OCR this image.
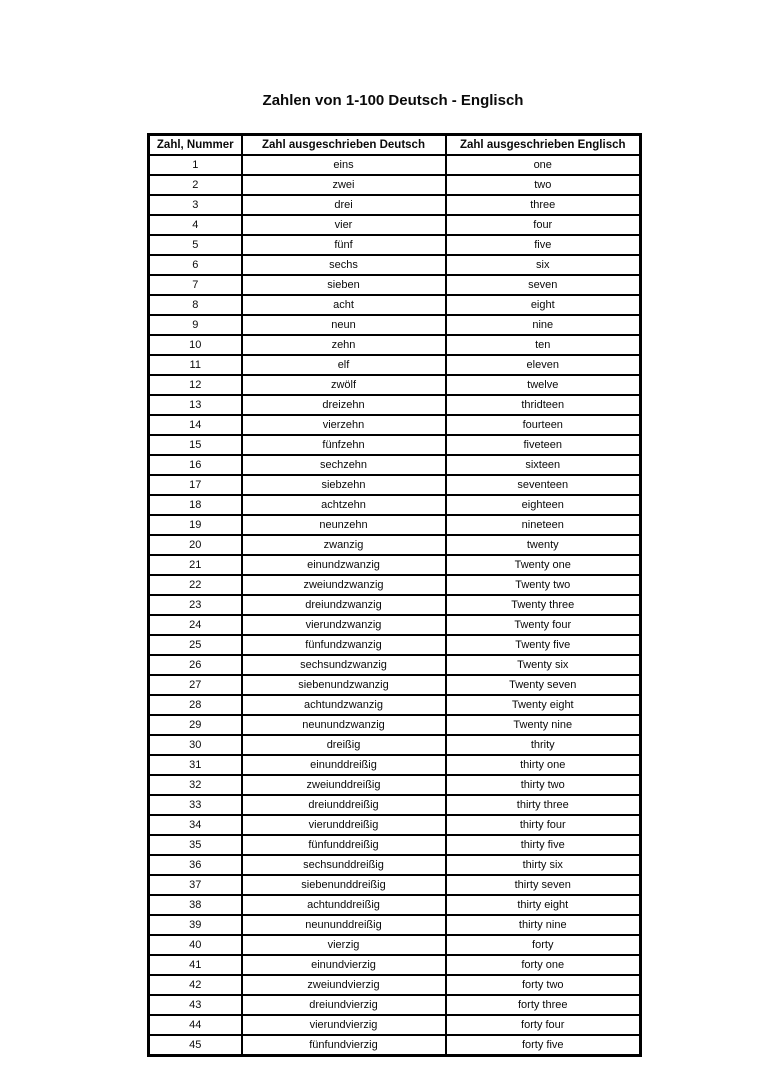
Zahlen von 1-100 Deutsch - Englisch
Zahl, Nummer	Zahl ausgeschrieben Deutsch	Zahl ausgeschrieben Englisch
1	eins	one
2	zwei	two
3	drei	three
4	vier	four
5	fünf	five
6	sechs	six
7	sieben	seven
8	acht	eight
9	neun	nine
10	zehn	ten
11	elf	eleven
12	zwölf	twelve
13	dreizehn	thridteen
14	vierzehn	fourteen
15	fünfzehn	fiveteen
16	sechzehn	sixteen
17	siebzehn	seventeen
18	achtzehn	eighteen
19	neunzehn	nineteen
20	zwanzig	twenty
21	einundzwanzig	Twenty one
22	zweiundzwanzig	Twenty two
23	dreiundzwanzig	Twenty three
24	vierundzwanzig	Twenty four
25	fünfundzwanzig	Twenty five
26	sechsundzwanzig	Twenty six
27	siebenundzwanzig	Twenty seven
28	achtundzwanzig	Twenty eight
29	neunundzwanzig	Twenty nine
30	dreißig	thrity
31	einunddreißig	thirty one
32	zweiunddreißig	thirty two
33	dreiunddreißig	thirty three
34	vierunddreißig	thirty four
35	fünfunddreißig	thirty five
36	sechsunddreißig	thirty six
37	siebenunddreißig	thirty seven
38	achtunddreißig	thirty eight
39	neununddreißig	thirty nine
40	vierzig	forty
41	einundvierzig	forty one
42	zweiundvierzig	forty two
43	dreiundvierzig	forty three
44	vierundvierzig	forty four
45	fünfundvierzig	forty five
